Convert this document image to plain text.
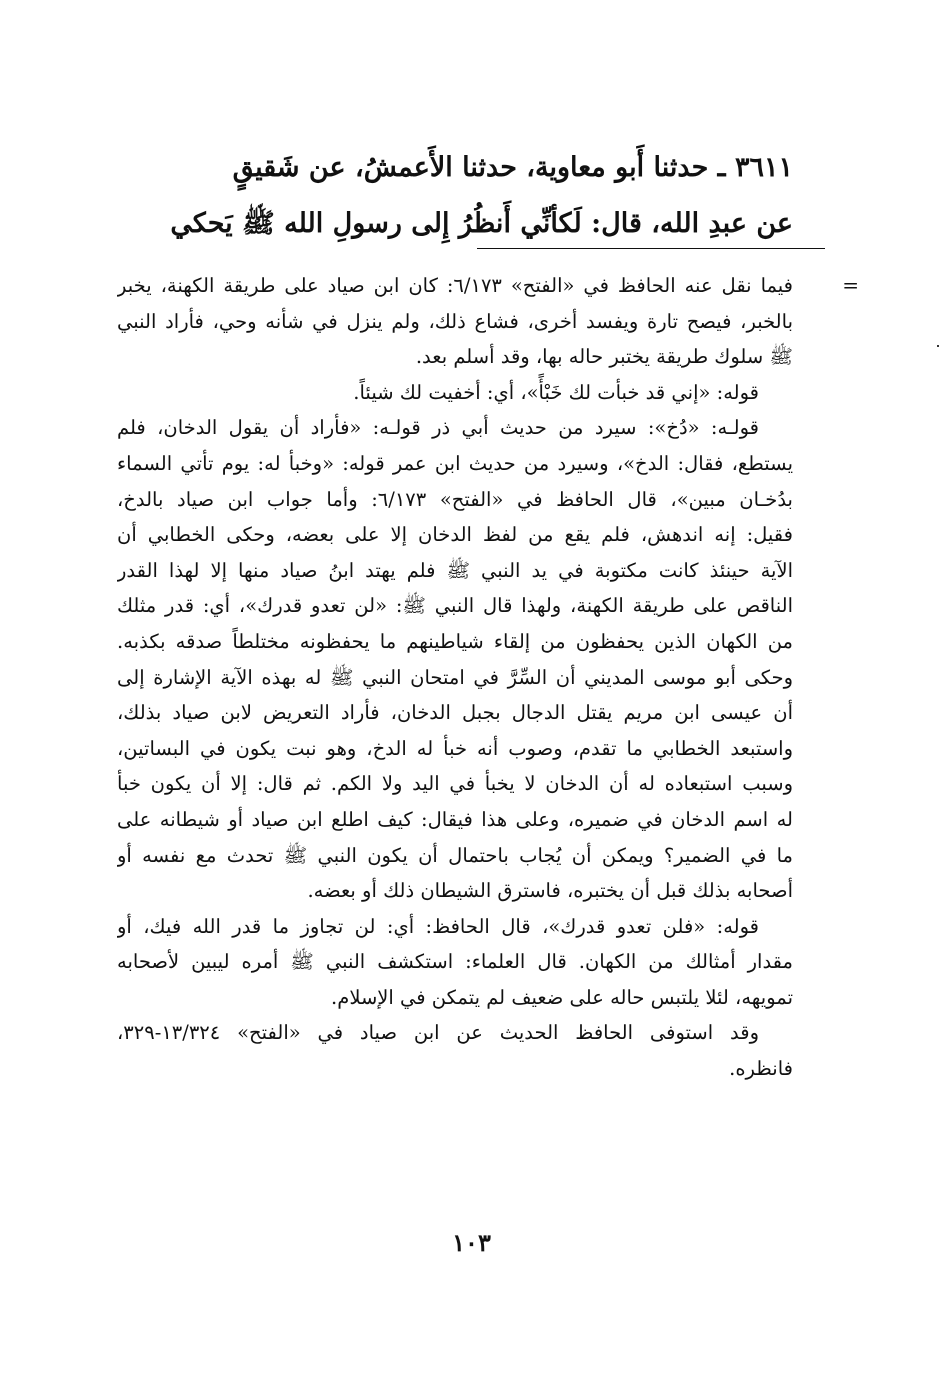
٣٦١١ ـ حدثنا أَبو معاوية، حدثنا الأَعمشُ، عن شَقيقٍ
عن عبدِ الله، قال: لَكأنِّي أَنظُرُ إِلى رسولِ الله ﷺ يَحكي
=
فيما نقل عنه الحافظ في «الفتح» ٦/١٧٣: كان ابن صياد على طريقة الكهنة، يخبر
بالخبر، فيصح تارة ويفسد أخرى، فشاع ذلك، ولم ينزل في شأنه وحي، فأراد النبي
ﷺ سلوك طريقة يختبر حاله بها، وقد أسلم بعد.
قوله: «إني قد خبأت لك خَبْأً»، أي: أخفيت لك شيئاً.
قولـه: «دُخ»: سيرد من حديث أبي ذر قولـه: «فأراد أن يقول الدخان، فلم
يستطع، فقال: الدخ»، وسيرد من حديث ابن عمر قوله: «وخبأ له: يوم تأتي السماء
بدُخـان مبين»، قال الحافظ في «الفتح» ٦/١٧٣: وأما جواب ابن صياد بالدخ،
فقيل: إنه اندهش، فلم يقع من لفظ الدخان إلا على بعضه، وحكى الخطابي أن
الآية حينئذ كانت مكتوبة في يد النبي ﷺ فلم يهتد ابنُ صياد منها إلا لهذا القدر
الناقص على طريقة الكهنة، ولهذا قال النبي ﷺ: «لن تعدو قدرك»، أي: قدر مثلك
من الكهان الذين يحفظون من إلقاء شياطينهم ما يحفظونه مختلطاً صدقه بكذبه.
وحكى أبو موسى المديني أن السِّرَّ في امتحان النبي ﷺ له بهذه الآية الإشارة إلى
أن عيسى ابن مريم يقتل الدجال بجبل الدخان، فأراد التعريض لابن صياد بذلك،
واستبعد الخطابي ما تقدم، وصوب أنه خبأ له الدخ، وهو نبت يكون في البساتين،
وسبب استبعاده له أن الدخان لا يخبأ في اليد ولا الكم. ثم قال: إلا أن يكون خبأ
له اسم الدخان في ضميره، وعلى هذا فيقال: كيف اطلع ابن صياد أو شيطانه على
ما في الضمير؟ ويمكن أن يُجاب باحتمال أن يكون النبي ﷺ تحدث مع نفسه أو
أصحابه بذلك قبل أن يختبره، فاسترق الشيطان ذلك أو بعضه.
قوله: «فلن تعدو قدرك»، قال الحافظ: أي: لن تجاوز ما قدر الله فيك، أو
مقدار أمثالك من الكهان. قال العلماء: استكشف النبي ﷺ أمره ليبين لأصحابه
تمويهه، لئلا يلتبس حاله على ضعيف لم يتمكن في الإسلام.
وقد استوفى الحافظ الحديث عن ابن صياد في «الفتح» ١٣/٣٢٤-٣٢٩،
فانظره.
١٠٣
